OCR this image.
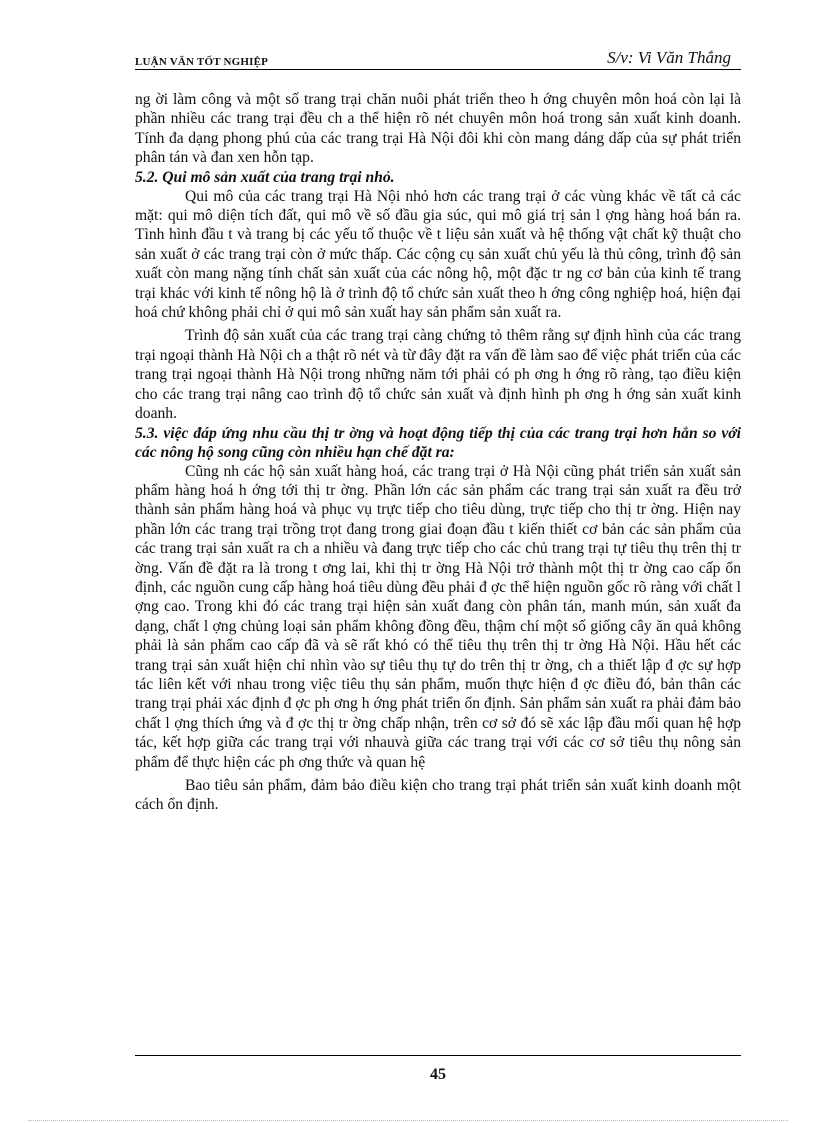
LUẬN VĂN TỐT NGHIỆP	S/v: Vi Văn Thắng

ng ời làm công và một số trang trại chăn nuôi phát triển theo h ớng chuyên môn hoá còn lại là phần nhiều các trang trại đều ch a thể hiện rõ nét chuyên môn hoá trong sản xuất kinh doanh. Tính đa dạng phong phú của các trang trại Hà Nội đôi khi còn mang dáng dấp của sự phát triển phân tán và đan xen hỗn tạp.

5.2. Qui mô sản xuất của trang trại nhỏ.

Qui mô của các trang trại Hà Nội nhỏ hơn các trang trại ở các vùng khác về tất cả các mặt: qui mô diện tích đất, qui mô về số đầu gia súc, qui mô giá trị sản l ợng hàng hoá bán ra. Tình hình đầu t và trang bị các yếu tố thuộc về t liệu sản xuất và hệ thống vật chất kỹ thuật cho sản xuất ở các trang trại còn ở mức thấp. Các cộng cụ sản xuất chủ yếu là thủ công, trình độ sản xuất còn mang nặng tính chất sản xuất của các nông hộ, một đặc tr ng cơ bản của kinh tế trang trại khác với kinh tế nông hộ là ở trình độ tổ chức sản xuất theo h ớng công nghiệp hoá, hiện đại hoá chứ không phải chỉ ở qui mô sản xuất hay sản phẩm sản xuất ra.

Trình độ sản xuất của các trang trại càng chứng tỏ thêm rằng sự định hình của các trang trại ngoại thành Hà Nội ch a thật rõ nét và từ đây đặt ra vấn đề làm sao để việc phát triển của các trang trại ngoại thành Hà Nội trong những năm tới phải có ph ơng h ớng rõ ràng, tạo điều kiện cho các trang trại nâng cao trình độ tổ chức sản xuất và định hình ph ơng h ớng sản xuất kinh doanh.

5.3. việc đáp ứng nhu cầu thị tr ờng và hoạt động tiếp thị của các trang trại hơn hẳn so với các nông hộ song cũng còn nhiều hạn chế đặt ra:

Cũng nh các hộ sản xuất hàng hoá, các trang trại ở Hà Nội cũng phát triển sản xuất sản phẩm hàng hoá h ớng tới thị tr ờng. Phần lớn các sản phẩm các trang trại sản xuất ra đều trở thành sản phẩm hàng hoá và phục vụ trực tiếp cho tiêu dùng, trực tiếp cho thị tr ờng. Hiện nay phần lớn các trang trại trồng trọt đang trong giai đoạn đầu t kiến thiết cơ bản các sản phẩm của các trang trại sản xuất ra ch a nhiều và đang trực tiếp cho các chủ trang trại tự tiêu thụ trên thị tr ờng. Vấn đề đặt ra là trong t ơng lai, khi thị tr ờng Hà Nội trở thành một thị tr ờng cao cấp ổn định, các nguồn cung cấp hàng hoá tiêu dùng đều phải đ ợc thể hiện nguồn gốc rõ ràng với chất l ợng cao. Trong khi đó các trang trại hiện sản xuất đang còn phân tán, manh mún, sản xuất đa dạng, chất l ợng chủng loại sản phẩm không đồng đều, thậm chí một số giống cây ăn quả không phải là sản phẩm cao cấp đã và sẽ rất khó có thể tiêu thụ trên thị tr ờng Hà Nội. Hầu hết các trang trại sản xuất hiện chỉ nhìn vào sự tiêu thụ tự do trên thị tr ờng, ch a thiết lập đ ợc sự hợp tác liên kết với nhau trong việc tiêu thụ sản phẩm, muốn thực hiện đ ợc điều đó, bản thân các trang trại phải xác định đ ợc ph ơng h ớng phát triển ổn định. Sản phẩm sản xuất ra phải đảm bảo chất l ợng thích ứng và đ ợc thị tr ờng chấp nhận, trên cơ sở đó sẽ xác lập đầu mối quan hệ hợp tác, kết hợp giữa các trang trại với nhauvà giữa các trang trại với các cơ sở tiêu thụ nông sản phẩm để thực hiện các ph ơng thức và quan hệ

Bao tiêu sản phẩm, đảm bảo điều kiện cho trang trại phát triển sản xuất kinh doanh một cách ổn định.

45
